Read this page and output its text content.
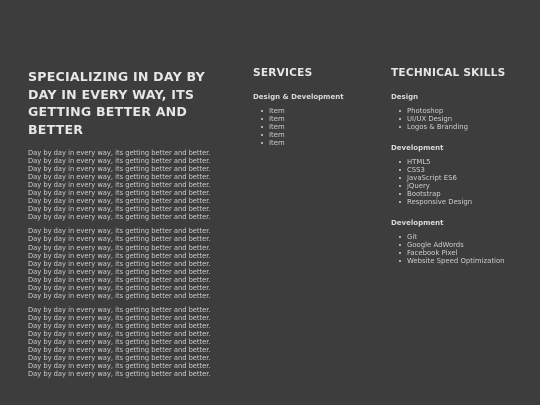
SPECIALIZING IN DAY BY DAY IN EVERY WAY, ITS GETTING BETTER AND BETTER
Day by day in every way, its getting better and better.
Day by day in every way, its getting better and better.
Day by day in every way, its getting better and better.
Day by day in every way, its getting better and better.
Day by day in every way, its getting better and better.
Day by day in every way, its getting better and better.
Day by day in every way, its getting better and better.
Day by day in every way, its getting better and better.
Day by day in every way, its getting better and better.
Day by day in every way, its getting better and better.
Day by day in every way, its getting better and better.
Day by day in every way, its getting better and better.
Day by day in every way, its getting better and better.
Day by day in every way, its getting better and better.
Day by day in every way, its getting better and better.
Day by day in every way, its getting better and better.
Day by day in every way, its getting better and better.
Day by day in every way, its getting better and better.
Day by day in every way, its getting better and better.
Day by day in every way, its getting better and better.
Day by day in every way, its getting better and better.
Day by day in every way, its getting better and better.
Day by day in every way, its getting better and better.
Day by day in every way, its getting better and better.
Day by day in every way, its getting better and better.
Day by day in every way, its getting better and better.
Day by day in every way, its getting better and better.
SERVICES
Design & Development
Item
Item
Item
Item
Item
TECHNICAL SKILLS
Design
Photoshop
UI/UX Design
Logos & Branding
Development
HTML5
CSS3
JavaScript ES6
jQuery
Bootstrap
Responsive Design
Development
Git
Google AdWords
Facebook Pixel
Website Speed Optimization
